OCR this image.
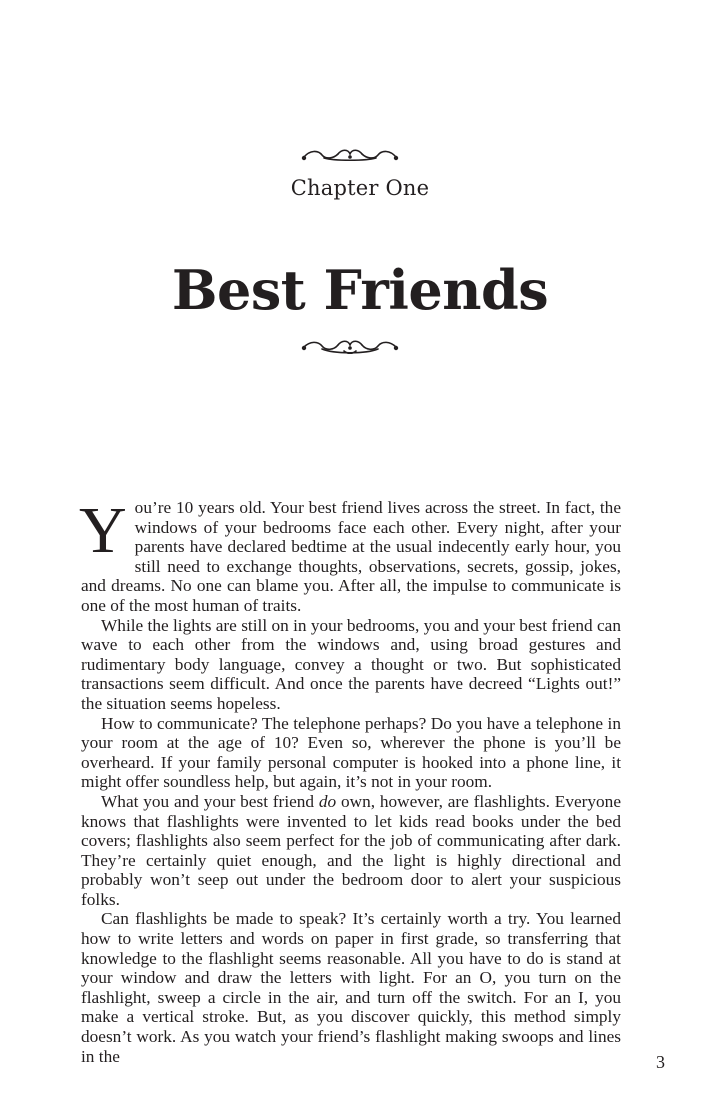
Chapter One
Best Friends

You’re 10 years old. Your best friend lives across the street. In fact, the windows of your bedrooms face each other. Every night, after your parents have declared bedtime at the usual indecently early hour, you still need to exchange thoughts, observations, secrets, gossip, jokes, and dreams. No one can blame you. After all, the impulse to communicate is one of the most human of traits.

While the lights are still on in your bedrooms, you and your best friend can wave to each other from the windows and, using broad gestures and rudimentary body language, convey a thought or two. But sophisticated transactions seem difficult. And once the parents have decreed “Lights out!” the situation seems hopeless.

How to communicate? The telephone perhaps? Do you have a telephone in your room at the age of 10? Even so, wherever the phone is you’ll be overheard. If your family personal computer is hooked into a phone line, it might offer soundless help, but again, it’s not in your room.

What you and your best friend do own, however, are flashlights. Everyone knows that flashlights were invented to let kids read books under the bed covers; flashlights also seem perfect for the job of communicating after dark. They’re certainly quiet enough, and the light is highly directional and probably won’t seep out under the bedroom door to alert your suspicious folks.

Can flashlights be made to speak? It’s certainly worth a try. You learned how to write letters and words on paper in first grade, so transferring that knowledge to the flashlight seems reasonable. All you have to do is stand at your window and draw the letters with light. For an O, you turn on the flashlight, sweep a circle in the air, and turn off the switch. For an I, you make a vertical stroke. But, as you discover quickly, this method simply doesn’t work. As you watch your friend’s flashlight making swoops and lines in the	3
